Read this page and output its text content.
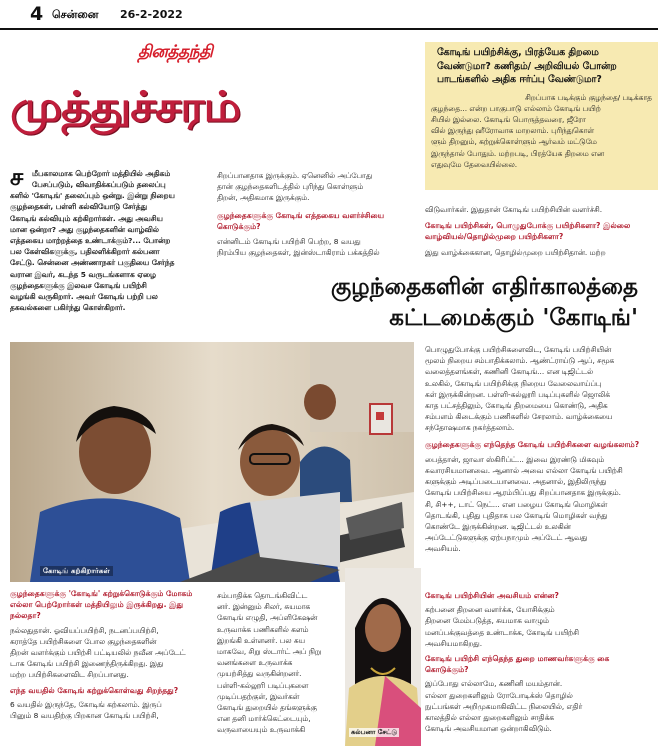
4 சென்னை 26-2-2022
தினத்தந்தி
முத்துச்சரம்
கோடிங் பயிற்சிக்கு, பிரத்யேக திறமை வேண்டுமா? கணிதம்/ அறிவியல் போன்ற பாடங்களில் அதிக ஈர்ப்பு வேண்டுமா?
சிறப்பாக படிக்கும் குழந்தை/ படிக்காத
குழந்தை... என்ற பாகுபாடு எல்லாம் கோடிங் பயிற்
சியில் இல்லை. கோடிங் பொருத்தவரை, ஜீரோ
வில் இருந்து ஹீரோவாக மாறலாம். புரிந்துகொள்
ளும் திறனும், கற்றுக்கொள்ளும் ஆர்வம் மட்டுமே
இருந்தால் போதும். மற்றபடி, பிரத்யேக திறமை என
எதுவுமே தேவையில்லை.
ச மீபகாலமாக பெற்றோர் மத்தியில் அதிகம்
பேசப்படும், விவாதிக்கப்படும் தலைப்பு
களில் 'கோடிங்' தலைப்பும் ஒன்று. இன்று நிறைய
குழந்தைகள், பள்ளி கல்வியோடு சேர்த்து
கோடிங் கல்வியும் கற்கிறார்கள். அது அவசிய
மான ஒன்றா? அது குழந்தைகளின் வாழ்வில்
எத்தகைய மாற்றத்தை உண்டாக்கும்?... போன்ற
பல கேள்விகளுக்கு, பதிலளிக்கிறார் கல்பனா
சேட்டு. சென்னை அண்ணாநகர் பகுதியை சேர்ந்த
வரான இவர், கடந்த 5 வருடங்களாக ஏழை
குழந்தைகளுக்கு இலவச கோடிங் பயிற்சி
வழங்கி வருகிறார். அவர் கோடிங் பற்றி பல
தகவல்களை பகிர்ந்து கொள்கிறார்.
சிறப்பானதாக இருக்கும். ஏனெனில் அப்போது
தான் குழந்தைகளிடத்தில் புரிந்து கொள்ளும்
திறன், அதிகமாக இருக்கும்.
குழந்தைகளுக்கு கோடிங் எத்தகைய வளர்ச்சியை கொடுக்கும்?
என்னிடம் கோடிங் பயிற்சி பெற்ற, 8 வயது
நிரம்பிய குழந்தைகள், இன்ஸ்டாகிராம் பக்கத்தில்
விடுவார்கள். இதுதான் கோடிங் பயிற்சியின் வளர்ச்சி.
கோடிங் பயிற்சிகள், பொழுதுபோக்கு பயிற்சிகளா? இல்லை வாழ்வியல்/தொழில்முறை பயிற்சிகளா?
இது வாழ்க்கைகான, தொழில்முறை பயிற்சிதான். மற்ற
குழந்தைகளின் எதிர்காலத்தை
கட்டமைக்கும் 'கோடிங்'
கோடிங் கற்கிறார்கள்
பொழுதுபோக்கு பயிற்சிகளைவிட, கோடிங் பயிற்சியின்
மூலம் நிறைய சம்பாதிக்கலாம். ஆண்ட்ராய்டு ஆப், சமூக
வலைத்தளங்கள், கணினி கோடிங்... என டிஜிட்டல்
உலகில், கோடிங் பயிற்சிக்கு நிறைய வேலைவாய்ப்பு
கள் இருக்கின்றன. பள்ளி-கல்லூரி படிப்புகளில் ஜொலிக்
காத பட்சத்திலும், கோடிங் திறமையை கொண்டு, அதிக
சம்பளம் கிடைக்கும் பணிகளில் சேரலாம். வாழ்க்கையை
சந்தோஷமாக நகர்த்தலாம்.
குழந்தைகளுக்கு எந்தெந்த கோடிங் பயிற்சிகளை வழங்கலாம்?
பைத்தான், ஜாவா ஸ்கிரிப்ட்... இவை இரண்டு மிகவும்
சுவாரசியமானவை. ஆனால் அவை எல்லா கோடிங் பயிற்சி
களுக்கும் அடிப்படையானவை. அதனால், இதிலிருந்து
கோடிங் பயிற்சியை ஆரம்பிப்பது சிறப்பானதாக இருக்கும்.
சி, சி++, டாட் நெட்... என பழைய கோடிங் மொழிகள்
தொடங்கி, புதிது புதிதாக பல கோடிங் மொழிகள் வந்து
கொண்டே இருக்கின்றன. டிஜிட்டல் உலகின்
அப்டேட்டுகளுக்கு ஏற்பநாமும் அப்டேட் ஆவது
அவசியம்.
குழந்தைகளுக்கு 'கோடிங்' கற்றுக்கொடுக்கும் மோகம் எல்லா பெற்றோர்கள் மத்தியிலும் இருக்கிறது. இது நல்லதா?
நல்லதுதான். ஓவியப்பயிற்சி, நடனப்பயிற்சி,
கராத்தே பயிற்சிகளை போல குழந்தைகளின்
திறன் வளர்க்கும் பயிற்சி பட்டியலில் நவீன அப்டேட்
டாக கோடிங் பயிற்சி இணைந்திருக்கிறது. இது
மற்ற பயிற்சிகளைவிட சிறப்பானது.
எந்த வயதில் கோடிங் கற்றுக்கொள்வது சிறந்தது?
6 வயதில் இருந்தே, கோடிங் கற்கலாம். இருப்
பினும் 8 வயதிற்கு பிறகான கோடிங் பயிற்சி,
சம்பாதிக்க தொடங்கிவிட்ட
னர். இன்னும் சிலர், சுயமாக
கோடிங் எழுதி, அப்ளிகேஷன்
உருவாக்க பணிகளில் களம்
இறங்கி உள்ளனர். பல சுய
மாகவே, சிறு ஸ்டார்ட் அப் நிறு
வனங்களை உருவாக்க
முயற்சித்து வருகின்றனர்.
பள்ளி-கல்லூரி படிப்புகளை
முடிப்பதற்குள், இவர்கள்
கோடிங் துறையில் தங்களுக்கு
என தனி மார்க்கெட்டையும்,
வருவாயையும் உருவாக்கி	கல்பனா சேட்டு
கோடிங் பயிற்சியின் அவசியம் என்ன?
கற்பனை திறனை வளர்க்க, யோசிக்கும்
திறனை மேம்படுத்த, சுயமாக வாழும்
மனப்பக்குவத்தை உண்டாக்க, கோடிங் பயிற்சி
அவசியமாகிறது.
கோடிங் பயிற்சி எந்தெந்த துறை மாணவர்களுக்கு கை கொடுக்கும்?
இப்போது எல்லாமே, கணினி மயம்தான்.
எல்லா துறைகளிலும் ரோபோடிக்ஸ் தொழில்
நுட்பங்கள் அறிமுகமாகிவிட்ட நிலையில், எதிர்
காலத்தில் எல்லா துறைகளிலும் சாதிக்க
கோடிங் அவசியமான ஒன்றாகிவிடும்.
